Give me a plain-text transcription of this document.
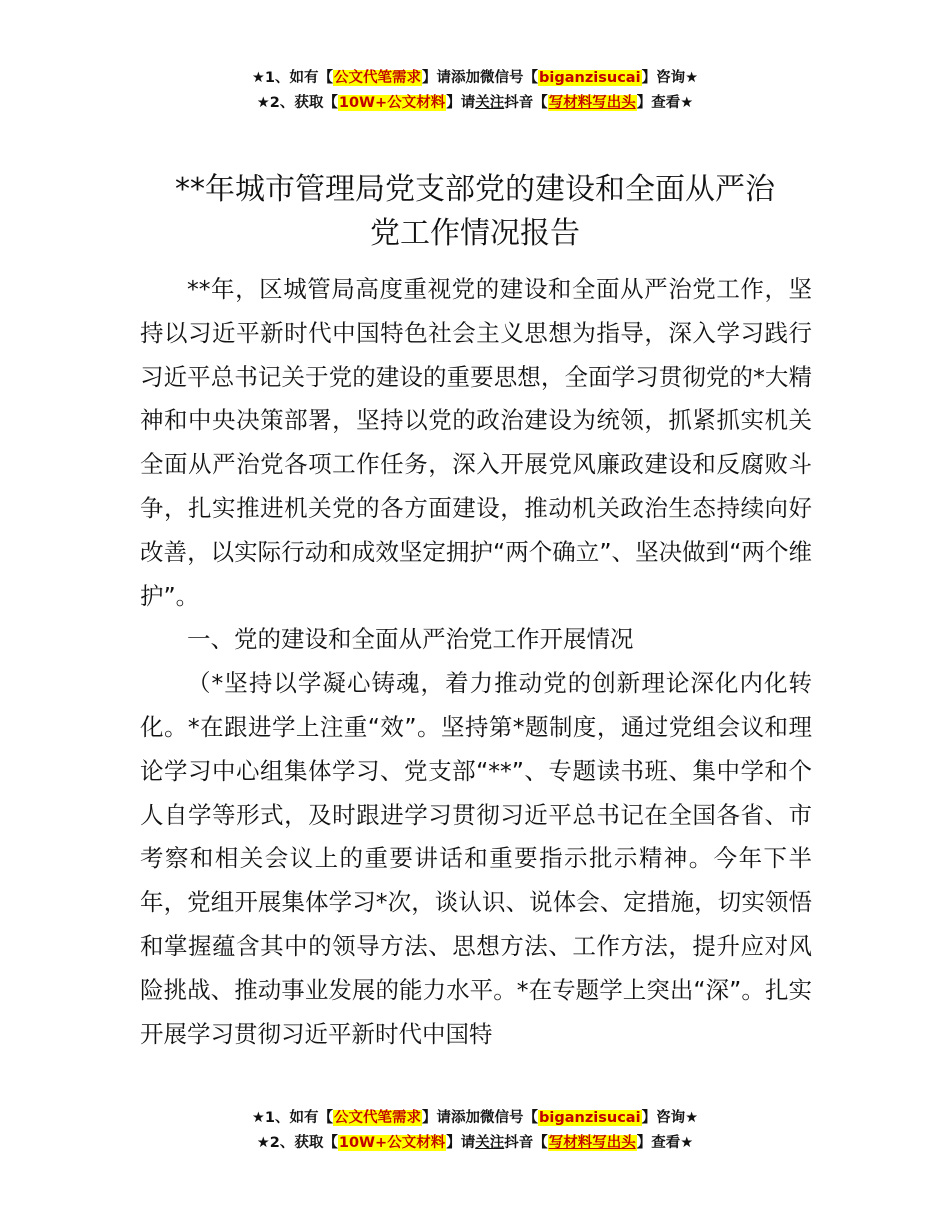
★1、如有【公文代笔需求】请添加微信号【biganzisucai】咨询★
★2、获取【10W+公文材料】请关注抖音【写材料写出头】查看★
**年城市管理局党支部党的建设和全面从严治
党工作情况报告

**年，区城管局高度重视党的建设和全面从严治党工作，坚持以习近平新时代中国特色社会主义思想为指导，深入学习践行习近平总书记关于党的建设的重要思想，全面学习贯彻党的*大精神和中央决策部署，坚持以党的政治建设为统领，抓紧抓实机关全面从严治党各项工作任务，深入开展党风廉政建设和反腐败斗争，扎实推进机关党的各方面建设，推动机关政治生态持续向好改善，以实际行动和成效坚定拥护“两个确立”、坚决做到“两个维护”。

一、党的建设和全面从严治党工作开展情况

（*坚持以学凝心铸魂，着力推动党的创新理论深化内化转化。*在跟进学上注重“效”。坚持第*题制度，通过党组会议和理论学习中心组集体学习、党支部“**”、专题读书班、集中学和个人自学等形式，及时跟进学习贯彻习近平总书记在全国各省、市考察和相关会议上的重要讲话和重要指示批示精神。今年下半年，党组开展集体学习*次，谈认识、说体会、定措施，切实领悟和掌握蕴含其中的领导方法、思想方法、工作方法，提升应对风险挑战、推动事业发展的能力水平。*在专题学上突出“深”。扎实开展学习贯彻习近平新时代中国特

★1、如有【公文代笔需求】请添加微信号【biganzisucai】咨询★
★2、获取【10W+公文材料】请关注抖音【写材料写出头】查看★
